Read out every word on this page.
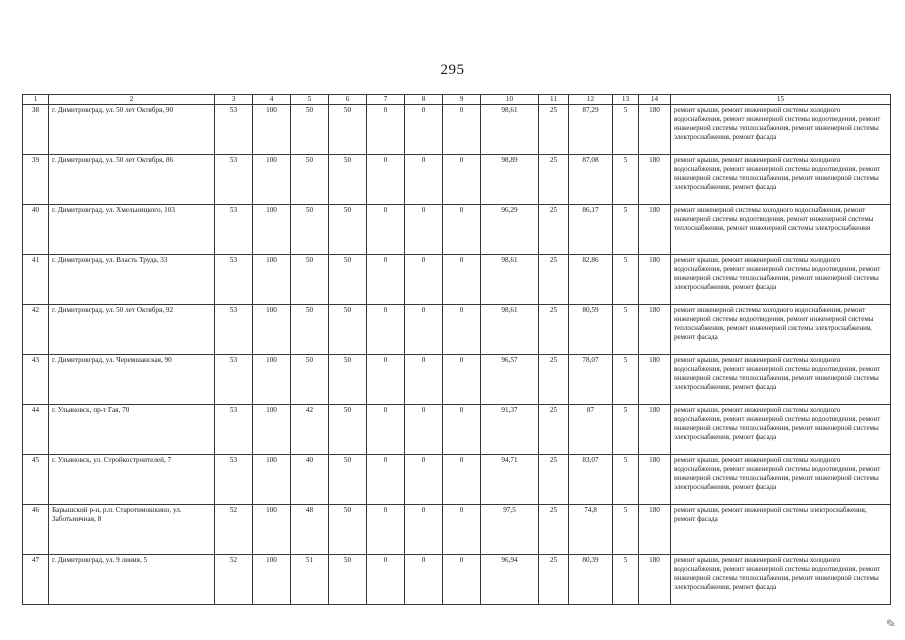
295
1	2	3	4	5	6	7	8	9	10	11	12	13	14	15
38	г. Димитровград, ул. 50 лет Октября, 90	53	100	50	50	0	0	0	98,61	25	87,29	5	180	ремонт крыши, ремонт инженерной системы холодного водоснабжения, ремонт инженерной системы водоотведения, ремонт инженерной системы теплоснабжения, ремонт инженерной системы электроснабжения, ремонт фасада
39	г. Димитровград, ул. 50 лет Октября, 86	53	100	50	50	0	0	0	98,89	25	87,08	5	180	ремонт крыши, ремонт инженерной системы холодного водоснабжения, ремонт инженерной системы водоотведения, ремонт инженерной системы теплоснабжения, ремонт инженерной системы электроснабжения, ремонт фасада
40	г. Димитровград, ул. Хмельницкого, 103	53	100	50	50	0	0	0	96,29	25	86,17	5	180	ремонт инженерной системы холодного водоснабжения, ремонт инженерной системы водоотведения, ремонт инженерной системы теплоснабжения, ремонт инженерной системы электроснабжения
41	г. Димитровград, ул. Власть Труда, 33	53	100	50	50	0	0	0	98,61	25	82,86	5	180	ремонт крыши, ремонт инженерной системы холодного водоснабжения, ремонт инженерной системы водоотведения, ремонт инженерной системы теплоснабжения, ремонт инженерной системы электроснабжения, ремонт фасада
42	г. Димитровград, ул. 50 лет Октября, 92	53	100	50	50	0	0	0	98,61	25	80,59	5	180	ремонт инженерной системы холодного водоснабжения, ремонт инженерной системы водоотведения, ремонт инженерной системы теплоснабжения, ремонт инженерной системы электроснабжения, ремонт фасада
43	г. Димитровград, ул. Черемшанская, 90	53	100	50	50	0	0	0	96,57	25	78,07	5	180	ремонт крыши, ремонт инженерной системы холодного водоснабжения, ремонт инженерной системы водоотведения, ремонт инженерной системы теплоснабжения, ремонт инженерной системы электроснабжения, ремонт фасада
44	г. Ульяновск, пр-т Гая, 70	53	100	42	50	0	0	0	91,37	25	87	5	180	ремонт крыши, ремонт инженерной системы холодного водоснабжения, ремонт инженерной системы водоотведения, ремонт инженерной системы теплоснабжения, ремонт инженерной системы электроснабжения, ремонт фасада
45	г. Ульяновск, ул. Стройкостроителей, 7	53	100	40	50	0	0	0	94,71	25	83,07	5	180	ремонт крыши, ремонт инженерной системы холодного водоснабжения, ремонт инженерной системы водоотведения, ремонт инженерной системы теплоснабжения, ремонт инженерной системы электроснабжения, ремонт фасада
46	Барышский р-н, р.п. Старотимошкино, ул. Заботьничная, 8	52	100	48	50	0	0	0	97,5	25	74,8	5	180	ремонт крыши, ремонт инженерной системы электроснабжения, ремонт фасада
47	г. Димитровград, ул. 9 линия, 5	52	100	51	50	0	0	0	96,94	25	80,39	5	180	ремонт крыши, ремонт инженерной системы холодного водоснабжения, ремонт инженерной системы водоотведения, ремонт инженерной системы теплоснабжения, ремонт инженерной системы электроснабжения, ремонт фасада
✎
